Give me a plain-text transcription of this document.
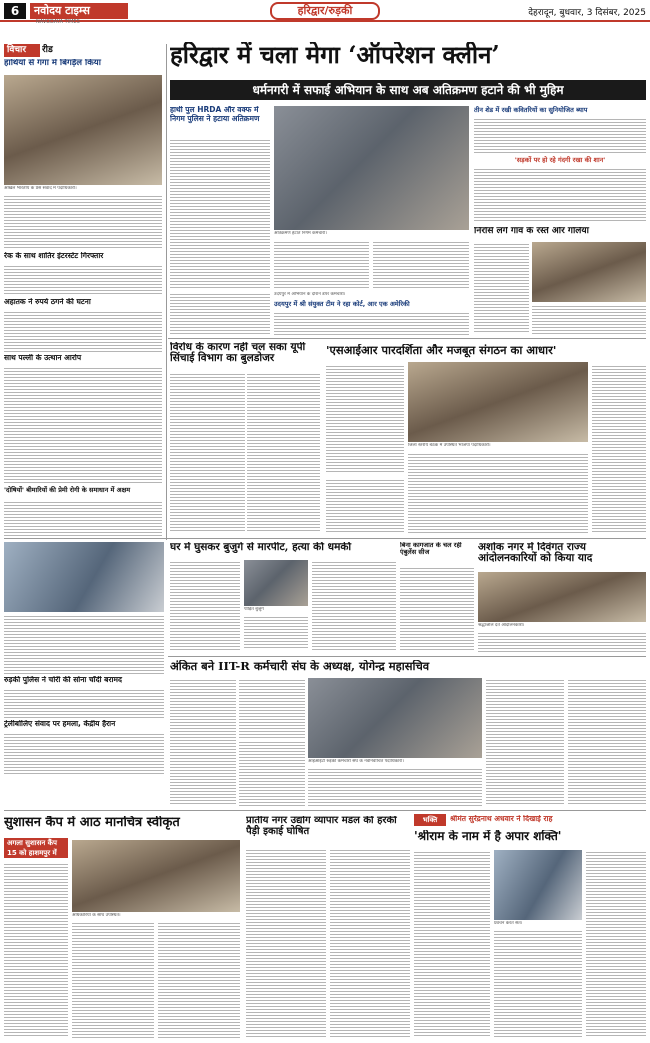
6	नवोदय टाइम्स	हरिद्वार/रुड़की	देहरादून, बुधवार, 3 दिसंबर, 2025
NAVODAYA TIMES
विचार	रीड
हाथियों से गंगा में बिगड़ैल किया
अखिल भारतीय के प्रेस संवाद में पदाधिकारी।
रेक के साथ शातिर इंटरस्टेट गिरफ्तार
अहातक ने रुपये ठगने की घटना
साथ पल्ली के उत्थान आरोप
'दोषियों' बीमारियों की प्रेमी रोगी के समाधान में अक्षम
हरिद्वार में चला मेगा ‘ऑपरेशन क्लीन’
धर्मनगरी में सफाई अभियान के साथ अब अतिक्रमण हटाने की भी मुहिम
हाथी पुल HRDA और वक्फ में निगम पुलिस ने हटाया अतिक्रमण
अतिक्रमण हटाते निगम कर्मचारी।
तीन शेड में रखी कवितरियों का सुनियोजित ब्याप
'सड़कों पर हो रहे गंदगी रखा की शान'
निरोसे लगे गांव के रस्ते और गलियां
उदयपुर में अभियान के दौरान डंपर कर्मचारी।
उदयपुर में श्री संयुक्त टीम ने रहा कोर्ट, आर एक अमेरिकी
विरोध के कारण नहीं चल सका यूपी सिंचाई विभाग का बुलडोजर
'एसआईआर पारदर्शिता और मजबूत संगठन का आधार'
जिला स्तरीय बैठक में उपस्थित भाजपा पदाधिकारी।
घर में घुसकर बुजुर्ग से मारपीट, हत्या की धमकी
पीड़ित बुजुर्ग
रुड़की पुलिस ने चोरी की सोना चाँदी बरामद
ट्रेलीबोलिए संवाद पर हमला, केंद्रीय हैरान
बिना कागजात के चल रही एंबुलेंस सीज	अशोक नगर में दिवंगत राज्य आंदोलनकारियों को किया याद
श्रद्धांजलि देते आंदोलनकारी।
अंकित बने IIT-R कर्मचारी संघ के अध्यक्ष, योगेन्द्र महासचिव
आईआईटी रुड़की कर्मचारी संघ के नवनिर्वाचित पदाधिकारी।
भक्ति	श्रीमंत सुरेंद्रनाथ अधवार ने दिखाई राह
सुशासन कैंप में आठ मानचित्र स्वीकृत
अगला सुशासन कैंप 15 को हाशमपुर में
अधिकारियों के साथ उपस्थित।
प्रांतीय नगर उद्योग व्यापार मंडल की हरकी पैड़ी इकाई घोषित	'श्रीराम के नाम में है अपार शक्ति'
प्रवचन करते संत।
